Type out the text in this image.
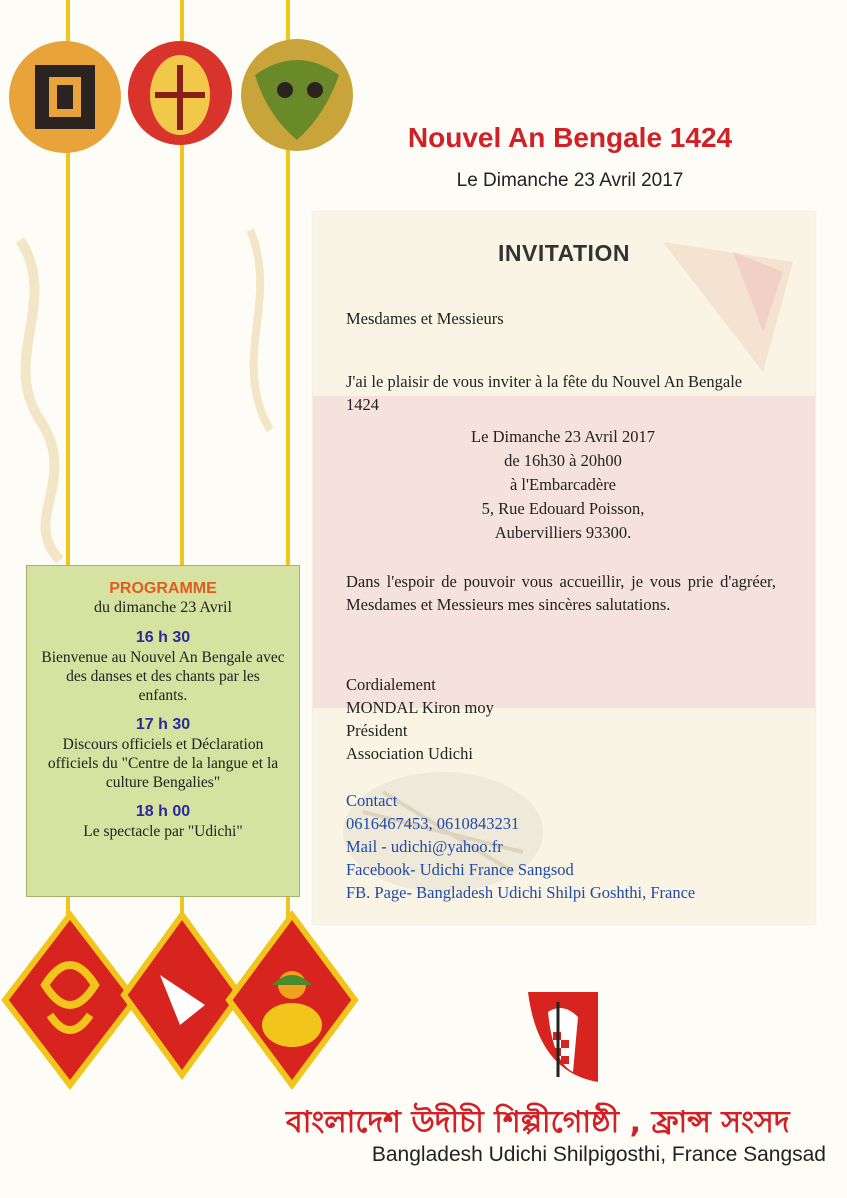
Nouvel An Bengale 1424
Le Dimanche 23 Avril 2017
INVITATION
Mesdames et Messieurs
J'ai le plaisir de vous inviter à la fête du Nouvel An Bengale 1424
Le Dimanche 23 Avril 2017
de 16h30 à 20h00
à l'Embarcadère
5, Rue Edouard Poisson,
Aubervilliers 93300.
Dans l'espoir de pouvoir vous accueillir, je vous prie d'agréer, Mesdames et Messieurs mes sincères salutations.
Cordialement
MONDAL Kiron moy
Président
Association Udichi
Contact
0616467453, 0610843231
Mail - udichi@yahoo.fr
Facebook- Udichi France Sangsod
FB. Page- Bangladesh Udichi Shilpi Goshthi, France
PROGRAMME
du dimanche 23 Avril
16 h 30
Bienvenue au Nouvel An Bengale avec des danses et des chants par les enfants.
17 h 30
Discours officiels et Déclaration officiels du "Centre de la langue et la culture Bengalies"
18 h 00
Le spectacle par "Udichi"
বাংলাদেশ উদীচী শিল্পীগোষ্ঠী , ফ্রান্স সংসদ
Bangladesh Udichi Shilpigosthi, France Sangsad
